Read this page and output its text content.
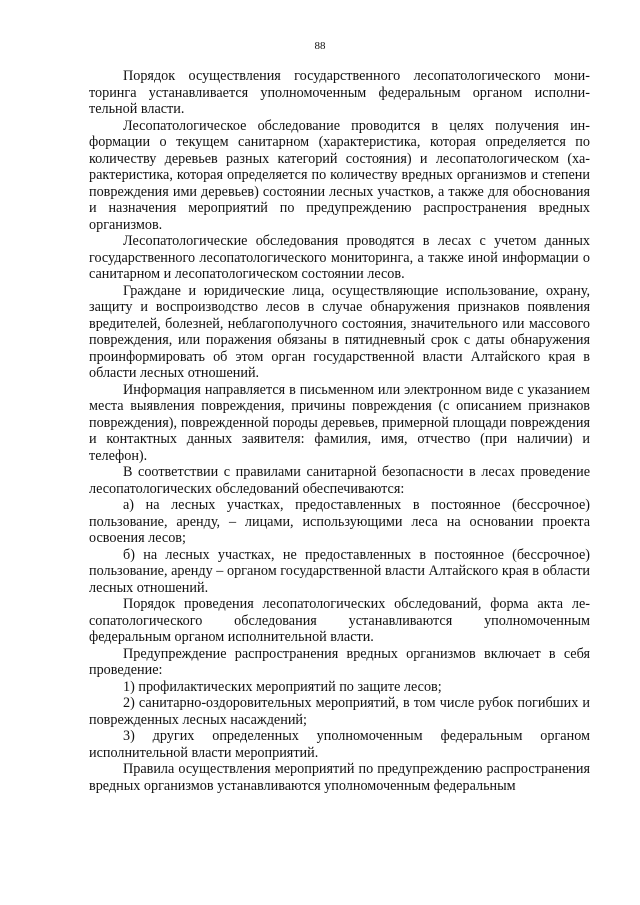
88

Порядок осуществления государственного лесопатологического мониторинга устанавливается уполномоченным федеральным органом исполнительной власти.

Лесопатологическое обследование проводится в целях получения информации о текущем санитарном (характеристика, которая определяется по количеству деревьев разных категорий состояния) и лесопатологическом (характеристика, которая определяется по количеству вредных организмов и степени повреждения ими деревьев) состоянии лесных участков, а также для обоснования и назначения мероприятий по предупреждению распространения вредных организмов.

Лесопатологические обследования проводятся в лесах с учетом данных государственного лесопатологического мониторинга, а также иной информации о санитарном и лесопатологическом состоянии лесов.

Граждане и юридические лица, осуществляющие использование, охрану, защиту и воспроизводство лесов в случае обнаружения признаков появления вредителей, болезней, неблагополучного состояния, значительного или массового повреждения, или поражения обязаны в пятидневный срок с даты обнаружения проинформировать об этом орган государственной власти Алтайского края в области лесных отношений.

Информация направляется в письменном или электронном виде с указанием места выявления повреждения, причины повреждения (с описанием признаков повреждения), поврежденной породы деревьев, примерной площади повреждения и контактных данных заявителя: фамилия, имя, отчество (при наличии) и телефон).

В соответствии с правилами санитарной безопасности в лесах проведение лесопатологических обследований обеспечиваются:

а) на лесных участках, предоставленных в постоянное (бессрочное) пользование, аренду, – лицами, использующими леса на основании проекта освоения лесов;

б) на лесных участках, не предоставленных в постоянное (бессрочное) пользование, аренду – органом государственной власти Алтайского края в области лесных отношений.

Порядок проведения лесопатологических обследований, форма акта лесопатологического обследования устанавливаются уполномоченным федеральным органом исполнительной власти.

Предупреждение распространения вредных организмов включает в себя проведение:

1) профилактических мероприятий по защите лесов;

2) санитарно-оздоровительных мероприятий, в том числе рубок погибших и поврежденных лесных насаждений;

3) других определенных уполномоченным федеральным органом исполнительной власти мероприятий.

Правила осуществления мероприятий по предупреждению распространения вредных организмов устанавливаются уполномоченным федеральным
